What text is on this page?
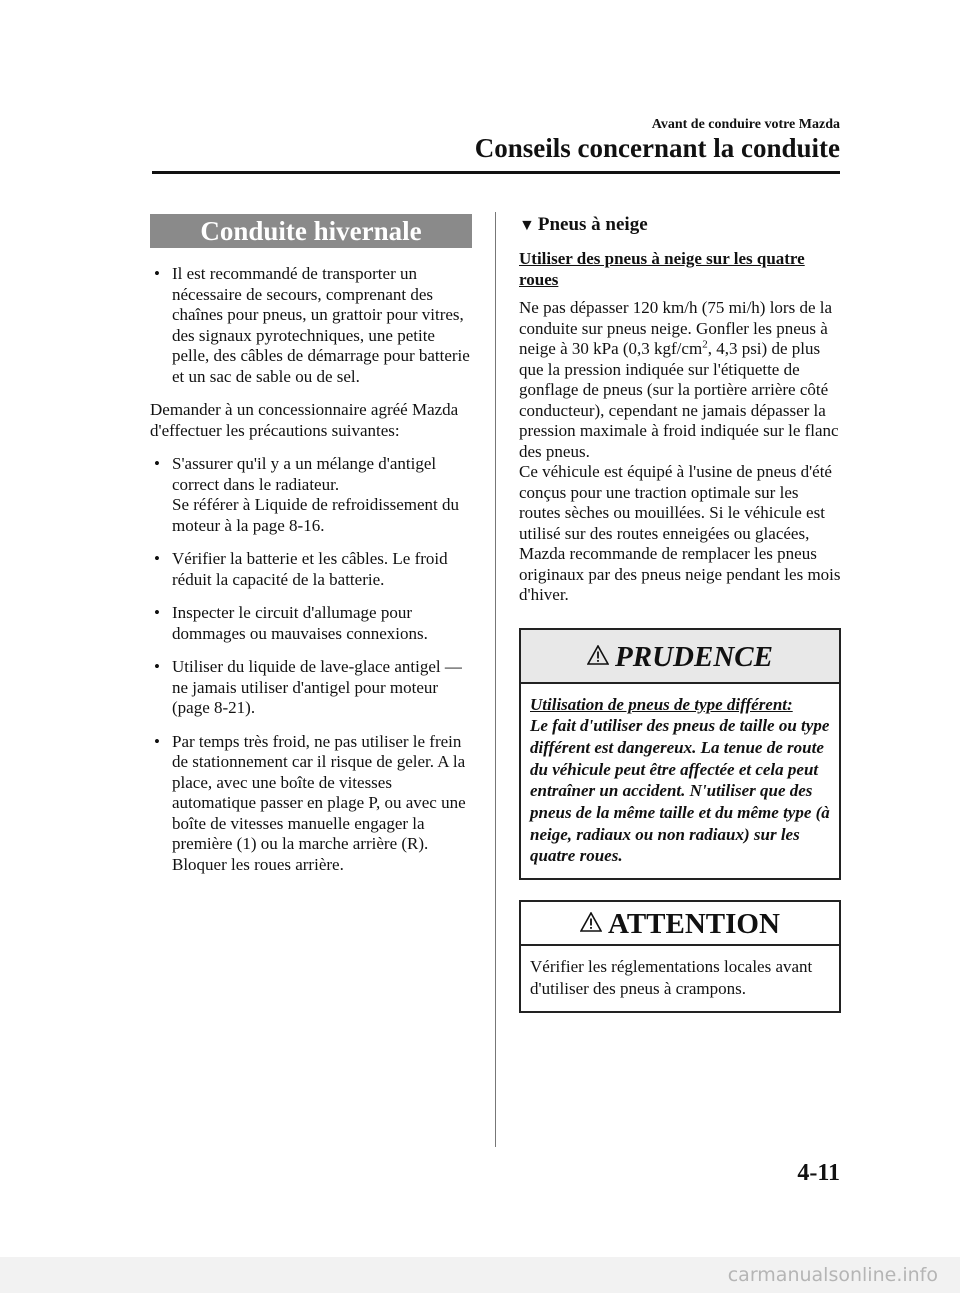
Avant de conduire votre Mazda
Conseils concernant la conduite
Conduite hivernale
• Il est recommandé de transporter un nécessaire de secours, comprenant des chaînes pour pneus, un grattoir pour vitres, des signaux pyrotechniques, une petite pelle, des câbles de démarrage pour batterie et un sac de sable ou de sel.
Demander à un concessionnaire agréé Mazda d'effectuer les précautions suivantes:
• S'assurer qu'il y a un mélange d'antigel correct dans le radiateur.
Se référer à Liquide de refroidissement du moteur à la page 8-16.
• Vérifier la batterie et les câbles. Le froid réduit la capacité de la batterie.
• Inspecter le circuit d'allumage pour dommages ou mauvaises connexions.
• Utiliser du liquide de lave-glace antigel — ne jamais utiliser d'antigel pour moteur (page 8-21).
• Par temps très froid, ne pas utiliser le frein de stationnement car il risque de geler. A la place, avec une boîte de vitesses automatique passer en plage P, ou avec une boîte de vitesses manuelle engager la première (1) ou la marche arrière (R). Bloquer les roues arrière.
▼ Pneus à neige
Utiliser des pneus à neige sur les quatre roues
Ne pas dépasser 120 km/h (75 mi/h) lors de la conduite sur pneus neige. Gonfler les pneus à neige à 30 kPa (0,3 kgf/$cm^2$, 4,3 psi) de plus que la pression indiquée sur l'étiquette de gonflage de pneus (sur la portière arrière côté conducteur), cependant ne jamais dépasser la pression maximale à froid indiquée sur le flanc des pneus.
Ce véhicule est équipé à l'usine de pneus d'été conçus pour une traction optimale sur les routes sèches ou mouillées. Si le véhicule est utilisé sur des routes enneigées ou glacées, Mazda recommande de remplacer les pneus originaux par des pneus neige pendant les mois d'hiver.
PRUDENCE
Utilisation de pneus de type différent:
Le fait d'utiliser des pneus de taille ou type différent est dangereux. La tenue de route du véhicule peut être affectée et cela peut entraîner un accident. N'utiliser que des pneus de la même taille et du même type (à neige, radiaux ou non radiaux) sur les quatre roues.
ATTENTION
Vérifier les réglementations locales avant d'utiliser des pneus à crampons.
4-11
carmanualsonline.info
